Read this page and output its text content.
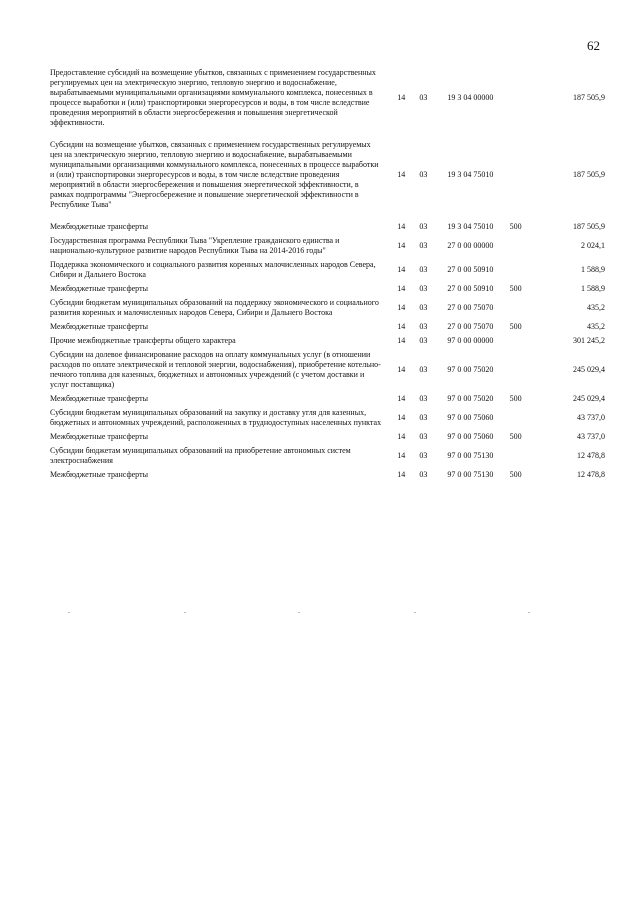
62
Предоставление субсидий на возмещение убытков, связанных с применением государственных регулируемых цен на электрическую энергию, тепловую энергию и водоснабжение, вырабатываемыми муниципальными организациями коммунального комплекса, понесенных в процессе выработки и (или) транспортировки энергоресурсов и воды, в том числе вследствие проведения мероприятий в области энергосбережения и повышения энергетической эффективности.	14	03	19 3 04 00000		187 505,9
Субсидии на возмещение убытков, связанных с применением государственных регулируемых цен на электрическую энергию, тепловую энергию и водоснабжение, вырабатываемыми муниципальными организациями коммунального комплекса, понесенных в процессе выработки и (или) транспортировки энергоресурсов и воды, в том числе вследствие проведения мероприятий в области энергосбережения и повышения энергетической эффективности, в рамках подпрограммы "Энергосбережение и повышение энергетической эффективности в Республике Тыва"	14	03	19 3 04 75010		187 505,9
Межбюджетные трансферты	14	03	19 3 04 75010	500	187 505,9
Государственная программа Республики Тыва "Укрепление гражданского единства и национально-культурное развитие народов Республики Тыва на 2014-2016 годы"	14	03	27 0 00 00000		2 024,1
Поддержка экономического и социального развития коренных малочисленных народов Севера, Сибири и Дальнего Востока	14	03	27 0 00 50910		1 588,9
Межбюджетные трансферты	14	03	27 0 00 50910	500	1 588,9
Субсидии бюджетам муниципальных образований на поддержку экономического и социального развития коренных и малочисленных народов Севера, Сибири и Дальнего Востока	14	03	27 0 00 75070		435,2
Межбюджетные трансферты	14	03	27 0 00 75070	500	435,2
Прочие межбюджетные трансферты общего характера	14	03	97 0 00 00000		301 245,2
Субсидии на долевое финансирование расходов на оплату коммунальных услуг (в отношении расходов по оплате электрической и тепловой энергии, водоснабжения), приобретение котельно-печного топлива для казенных, бюджетных и автономных учреждений (с учетом доставки и услуг поставщика)	14	03	97 0 00 75020		245 029,4
Межбюджетные трансферты	14	03	97 0 00 75020	500	245 029,4
Субсидии бюджетам муниципальных образований на закупку и доставку угля для казенных, бюджетных и автономных учреждений, расположенных в труднодоступных населенных пунктах	14	03	97 0 00 75060		43 737,0
Межбюджетные трансферты	14	03	97 0 00 75060	500	43 737,0
Субсидии бюджетам муниципальных образований на приобретение автономных систем электроснабжения	14	03	97 0 00 75130		12 478,8
Межбюджетные трансферты	14	03	97 0 00 75130	500	12 478,8
